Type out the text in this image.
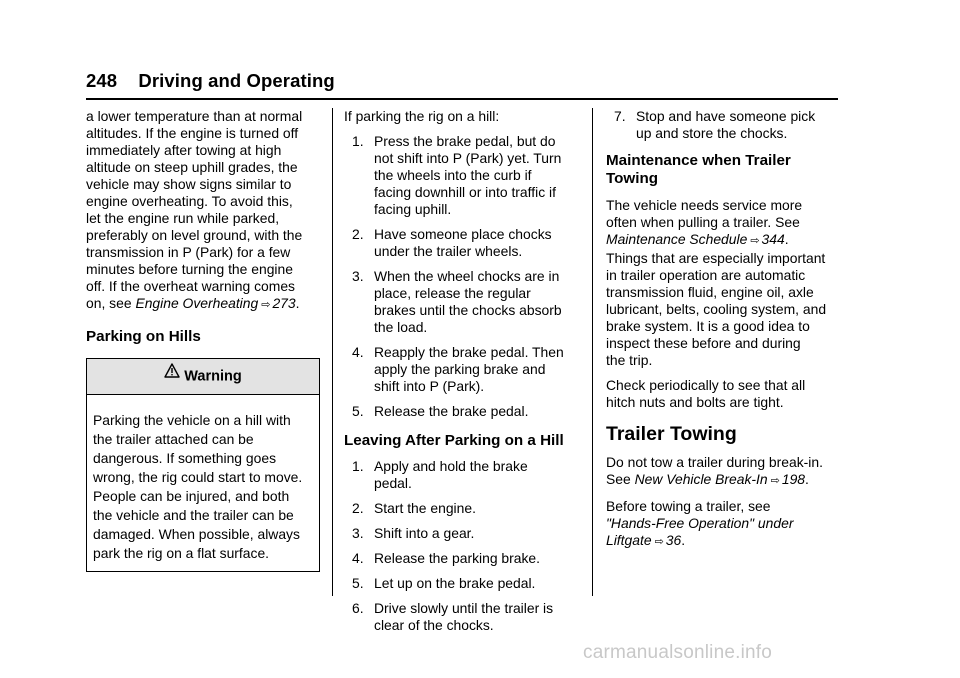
248 Driving and Operating

a lower temperature than at normal
altitudes. If the engine is turned off
immediately after towing at high
altitude on steep uphill grades, the
vehicle may show signs similar to
engine overheating. To avoid this,
let the engine run while parked,
preferably on level ground, with the
transmission in P (Park) for a few
minutes before turning the engine
off. If the overheat warning comes
on, see Engine Overheating ⇨ 273.

Parking on Hills
Warning
Parking the vehicle on a hill with
the trailer attached can be
dangerous. If something goes
wrong, the rig could start to move.
People can be injured, and both
the vehicle and the trailer can be
damaged. When possible, always
park the rig on a flat surface.

If parking the rig on a hill:

1. Press the brake pedal, but do
not shift into P (Park) yet. Turn
the wheels into the curb if
facing downhill or into traffic if
facing uphill.
2. Have someone place chocks
under the trailer wheels.
3. When the wheel chocks are in
place, release the regular
brakes until the chocks absorb
the load.
4. Reapply the brake pedal. Then
apply the parking brake and
shift into P (Park).
5. Release the brake pedal.
Leaving After Parking on a Hill
1. Apply and hold the brake
pedal.
2. Start the engine.
3. Shift into a gear.
4. Release the parking brake.
5. Let up on the brake pedal.
6. Drive slowly until the trailer is
clear of the chocks.
7. Stop and have someone pick
up and store the chocks.
Maintenance when Trailer
Towing

The vehicle needs service more
often when pulling a trailer. See
Maintenance Schedule ⇨ 344.
Things that are especially important
in trailer operation are automatic
transmission fluid, engine oil, axle
lubricant, belts, cooling system, and
brake system. It is a good idea to
inspect these before and during
the trip.

Check periodically to see that all
hitch nuts and bolts are tight.

Trailer Towing

Do not tow a trailer during break-in.
See New Vehicle Break-In ⇨ 198.

Before towing a trailer, see
"Hands-Free Operation" under
Liftgate ⇨ 36.

carmanualsonline.info
